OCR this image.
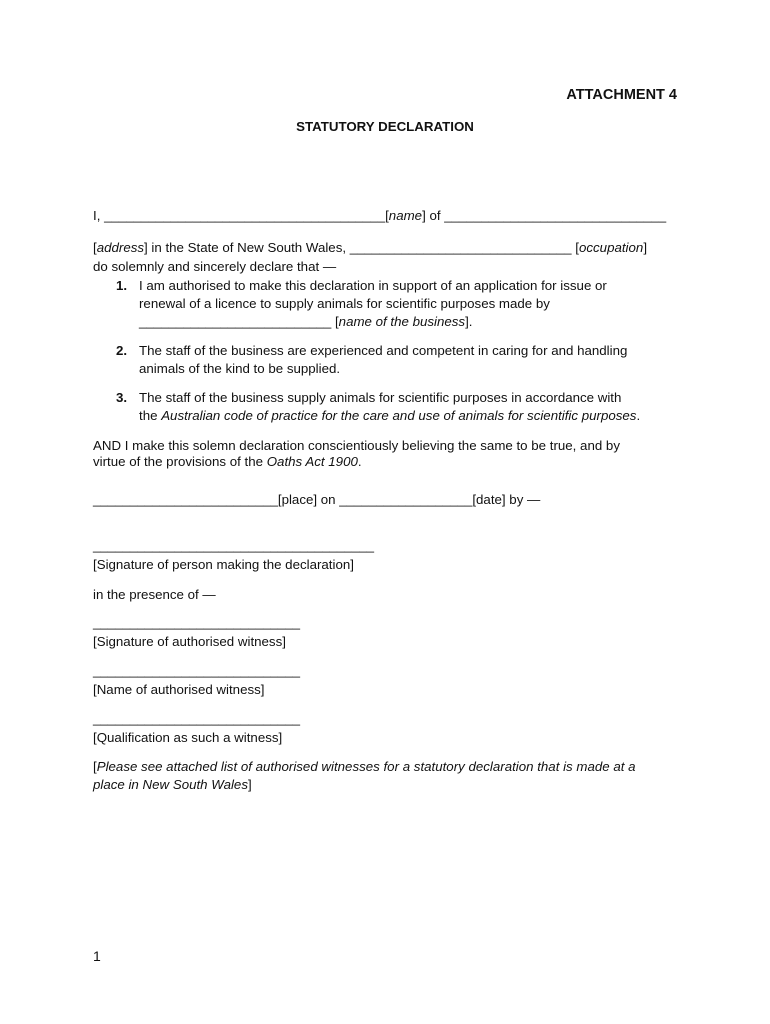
ATTACHMENT 4
STATUTORY DECLARATION
I, ______________________________________[name] of ______________________________
[address] in the State of New South Wales, ______________________________ [occupation]
do solemnly and sincerely declare that —
1. I am authorised to make this declaration in support of an application for issue or
renewal of a licence to supply animals for scientific purposes made by
__________________________ [name of the business].
2. The staff of the business are experienced and competent in caring for and handling
animals of the kind to be supplied.
3. The staff of the business supply animals for scientific purposes in accordance with
the Australian code of practice for the care and use of animals for scientific purposes.
AND I make this solemn declaration conscientiously believing the same to be true, and by
virtue of the provisions of the Oaths Act 1900.
_________________________[place] on __________________[date] by —
______________________________________
[Signature of person making the declaration]
in the presence of —
____________________________
[Signature of authorised witness]
____________________________
[Name of authorised witness]
____________________________
[Qualification as such a witness]
[Please see attached list of authorised witnesses for a statutory declaration that is made at a
place in New South Wales]
1
